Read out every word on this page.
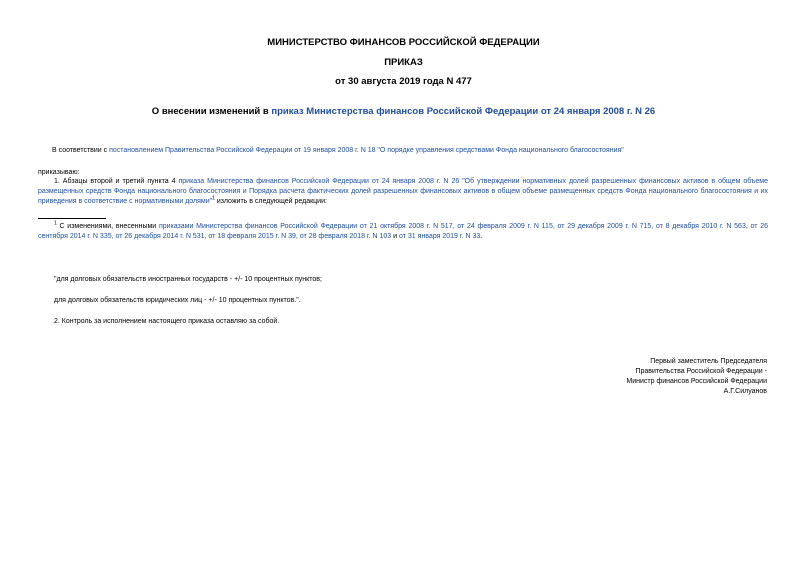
МИНИСТЕРСТВО ФИНАНСОВ РОССИЙСКОЙ ФЕДЕРАЦИИ
ПРИКАЗ
от 30 августа 2019 года N 477
О внесении изменений в приказ Министерства финансов Российской Федерации от 24 января 2008 г. N 26
В соответствии с постановлением Правительства Российской Федерации от 19 января 2008 г. N 18 "О порядке управления средствами Фонда национального благосостояния"
приказываю:
1. Абзацы второй и третий пункта 4 приказа Министерства финансов Российской Федерации от 24 января 2008 г. N 26 "Об утверждении нормативных долей разрешенных финансовых активов в общем объеме размещенных средств Фонда национального благосостояния и Порядка расчета фактических долей разрешенных финансовых активов в общем объеме размещенных средств Фонда национального благосостояния и их приведения в соответствие с нормативными долями"$^1$ изложить в следующей редакции:
$^1$ С изменениями, внесенными приказами Министерства финансов Российской Федерации от 21 октября 2008 г. N 517, от 24 февраля 2009 г. N 115, от 29 декабря 2009 г. N 715, от 8 декабря 2010 г. N 563, от 26 сентября 2014 г. N 335, от 26 декабря 2014 г. N 531, от 18 февраля 2015 г. N 39, от 28 февраля 2018 г. N 103 и от 31 января 2019 г. N 33.
"для долговых обязательств иностранных государств - +/- 10 процентных пунктов;
для долговых обязательств юридических лиц - +/- 10 процентных пунктов.".
2. Контроль за исполнением настоящего приказа оставляю за собой.
Первый заместитель Председателя
Правительства Российской Федерации -
Министр финансов Российской Федерации
А.Г.Силуанов
